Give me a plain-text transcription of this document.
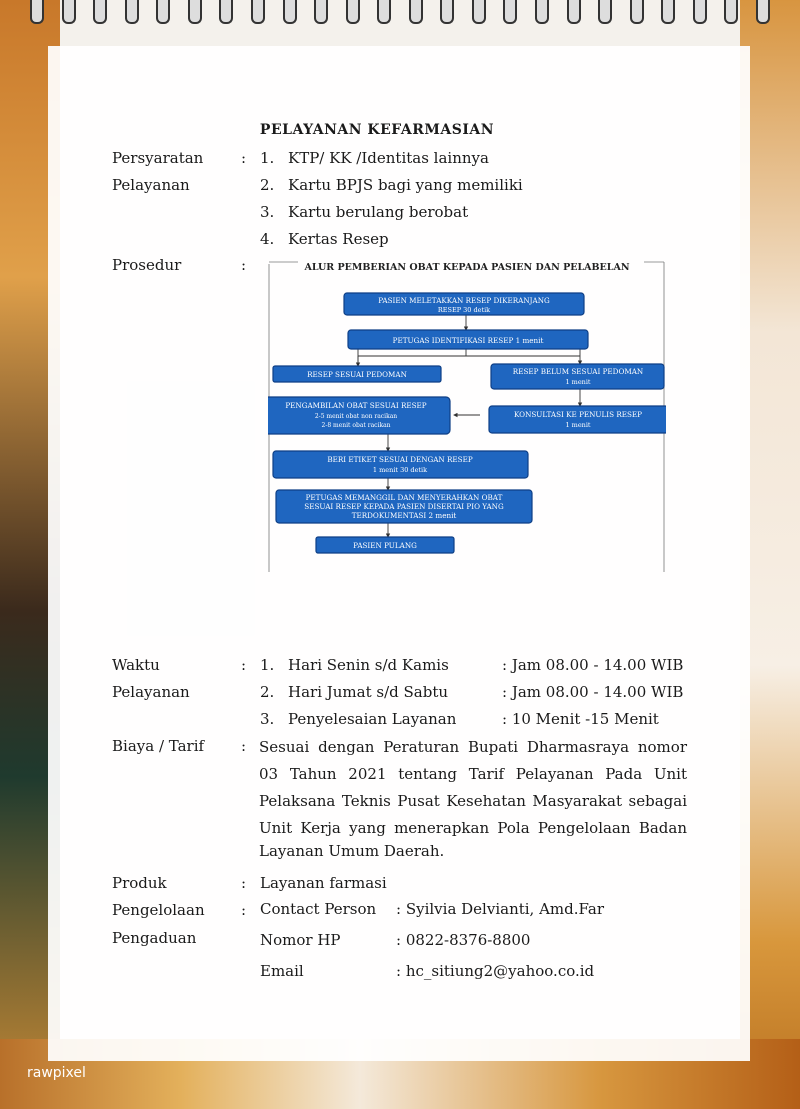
PELAYANAN KEFARMASIAN
Persyaratan
Pelayanan
: 1. KTP/ KK /Identitas lainnya
2. Kartu BPJS bagi yang memiliki
3. Kartu berulang berobat
4. Kertas Resep
Prosedur	:	ALUR PEMBERIAN OBAT KEPADA PASIEN DAN PELABELAN
PASIEN MELETAKKAN RESEP DIKERANJANG
RESEP 30 detik
PETUGAS IDENTIFIKASI RESEP 1 menit
RESEP SESUAI PEDOMAN	RESEP BELUM SESUAI PEDOMAN
1 menit
PENGAMBILAN OBAT SESUAI RESEP
2-5 menit obat non racikan
2-8 menit obat racikan
KONSULTASI KE PENULIS RESEP
1 menit
BERI ETIKET SESUAI DENGAN RESEP
1 menit 30 detik
PETUGAS MEMANGGIL DAN MENYERAHKAN OBAT
SESUAI RESEP KEPADA PASIEN DISERTAI PIO YANG
TERDOKUMENTASI 2 menit
PASIEN PULANG
Waktu
Pelayanan
: 1. Hari Senin s/d Kamis	: Jam 08.00 - 14.00 WIB
2. Hari Jumat s/d Sabtu	: Jam 08.00 - 14.00 WIB
3. Penyelesaian Layanan	: 10 Menit -15 Menit
Biaya / Tarif : Sesuai dengan Peraturan Bupati Dharmasraya nomor
03 Tahun 2021 tentang Tarif Pelayanan Pada Unit
Pelaksana Teknis Pusat Kesehatan Masyarakat sebagai
Unit Kerja yang menerapkan Pola Pengelolaan Badan
Layanan Umum Daerah.
Produk	: Layanan farmasi
Pengelolaan
Pengaduan
: Contact Person : Syilvia Delvianti, Amd.Far
Nomor HP	: 0822-8376-8800
Email	: hc_sitiung2@yahoo.co.id
rawpixel
